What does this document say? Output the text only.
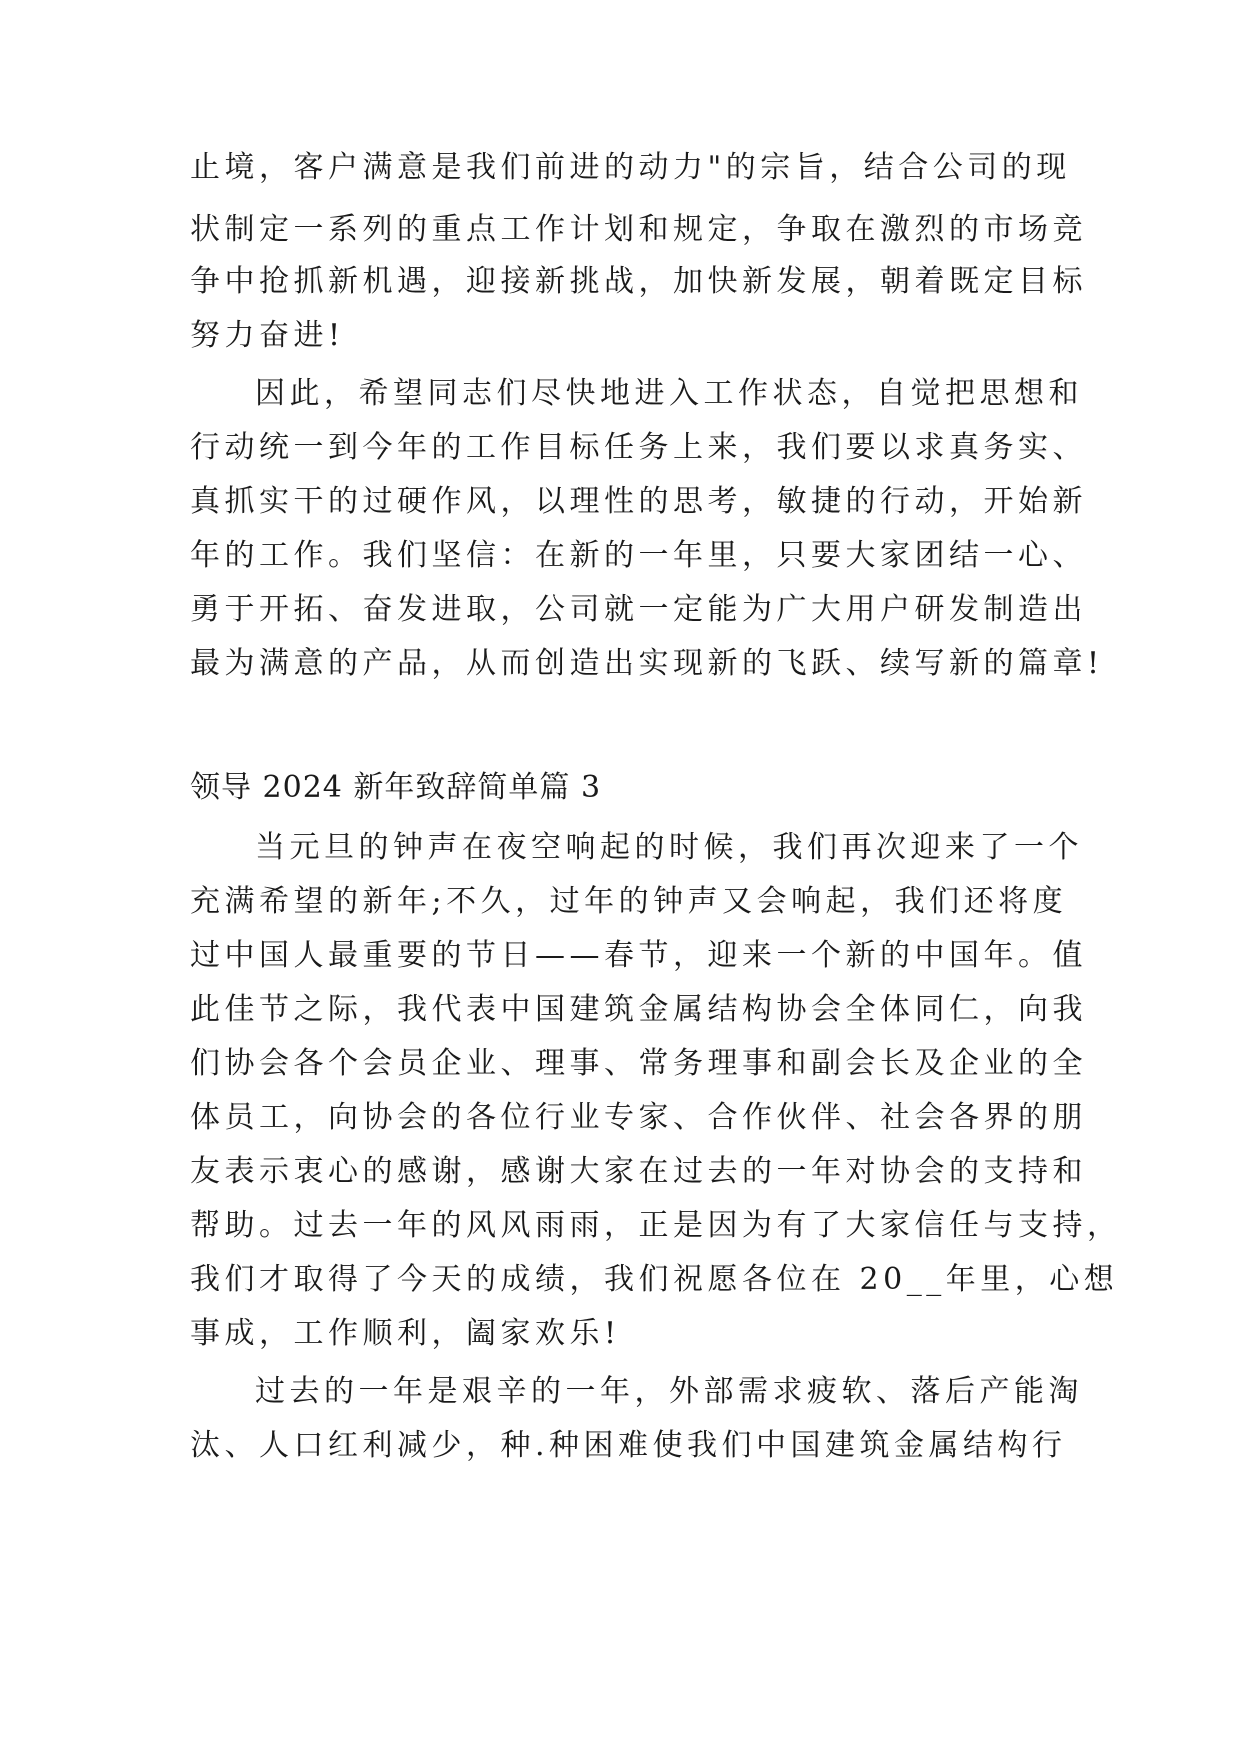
止境，客户满意是我们前进的动力"的宗旨，结合公司的现
状制定一系列的重点工作计划和规定，争取在激烈的市场竞
争中抢抓新机遇，迎接新挑战，加快新发展，朝着既定目标
努力奋进!
因此，希望同志们尽快地进入工作状态，自觉把思想和
行动统一到今年的工作目标任务上来，我们要以求真务实、
真抓实干的过硬作风，以理性的思考，敏捷的行动，开始新
年的工作。我们坚信：在新的一年里，只要大家团结一心、
勇于开拓、奋发进取，公司就一定能为广大用户研发制造出
最为满意的产品，从而创造出实现新的飞跃、续写新的篇章!
领导 2024 新年致辞简单篇 3
当元旦的钟声在夜空响起的时候，我们再次迎来了一个
充满希望的新年;不久，过年的钟声又会响起，我们还将度
过中国人最重要的节日——春节，迎来一个新的中国年。值
此佳节之际，我代表中国建筑金属结构协会全体同仁，向我
们协会各个会员企业、理事、常务理事和副会长及企业的全
体员工，向协会的各位行业专家、合作伙伴、社会各界的朋
友表示衷心的感谢，感谢大家在过去的一年对协会的支持和
帮助。过去一年的风风雨雨，正是因为有了大家信任与支持，
我们才取得了今天的成绩，我们祝愿各位在 20__年里，心想
事成，工作顺利，阖家欢乐!
过去的一年是艰辛的一年，外部需求疲软、落后产能淘
汰、人口红利减少，种.种困难使我们中国建筑金属结构行
